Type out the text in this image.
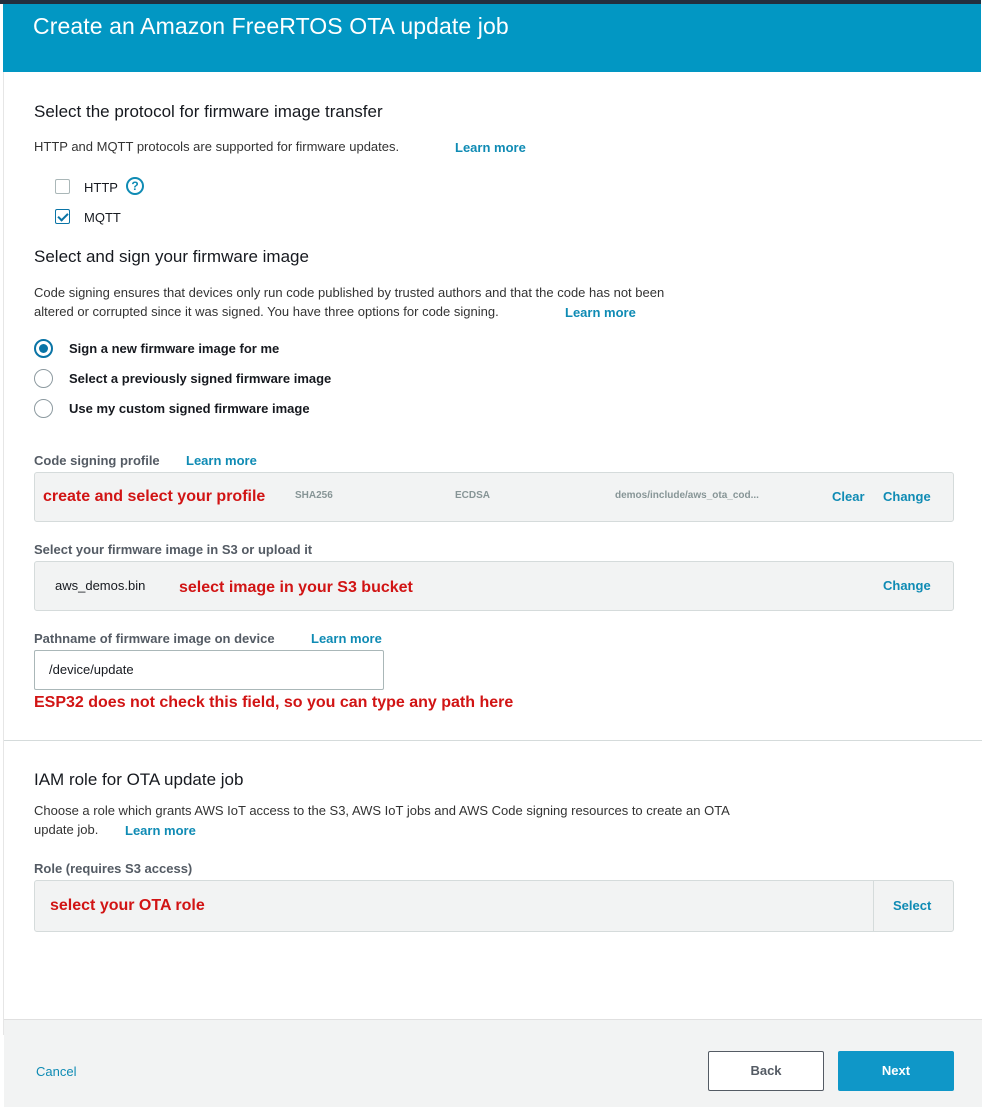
Create an Amazon FreeRTOS OTA update job
Select the protocol for firmware image transfer
HTTP and MQTT protocols are supported for firmware updates.	Learn more
HTTP	?
MQTT
Select and sign your firmware image
Code signing ensures that devices only run code published by trusted authors and that the code has not been
altered or corrupted since it was signed. You have three options for code signing.	Learn more
Sign a new firmware image for me
Select a previously signed firmware image
Use my custom signed firmware image
Code signing profile Learn more
create and select your profile	SHA256	ECDSA	demos/include/aws_ota_cod...	Clear Change
Select your firmware image in S3 or upload it
aws_demos.bin select image in your S3 bucket	Change
Pathname of firmware image on device	Learn more
/device/update
ESP32 does not check this field, so you can type any path here
IAM role for OTA update job
Choose a role which grants AWS IoT access to the S3, AWS IoT jobs and AWS Code signing resources to create an OTA
update job. Learn more
Role (requires S3 access)
select your OTA role	Select
Cancel	Back	Next
